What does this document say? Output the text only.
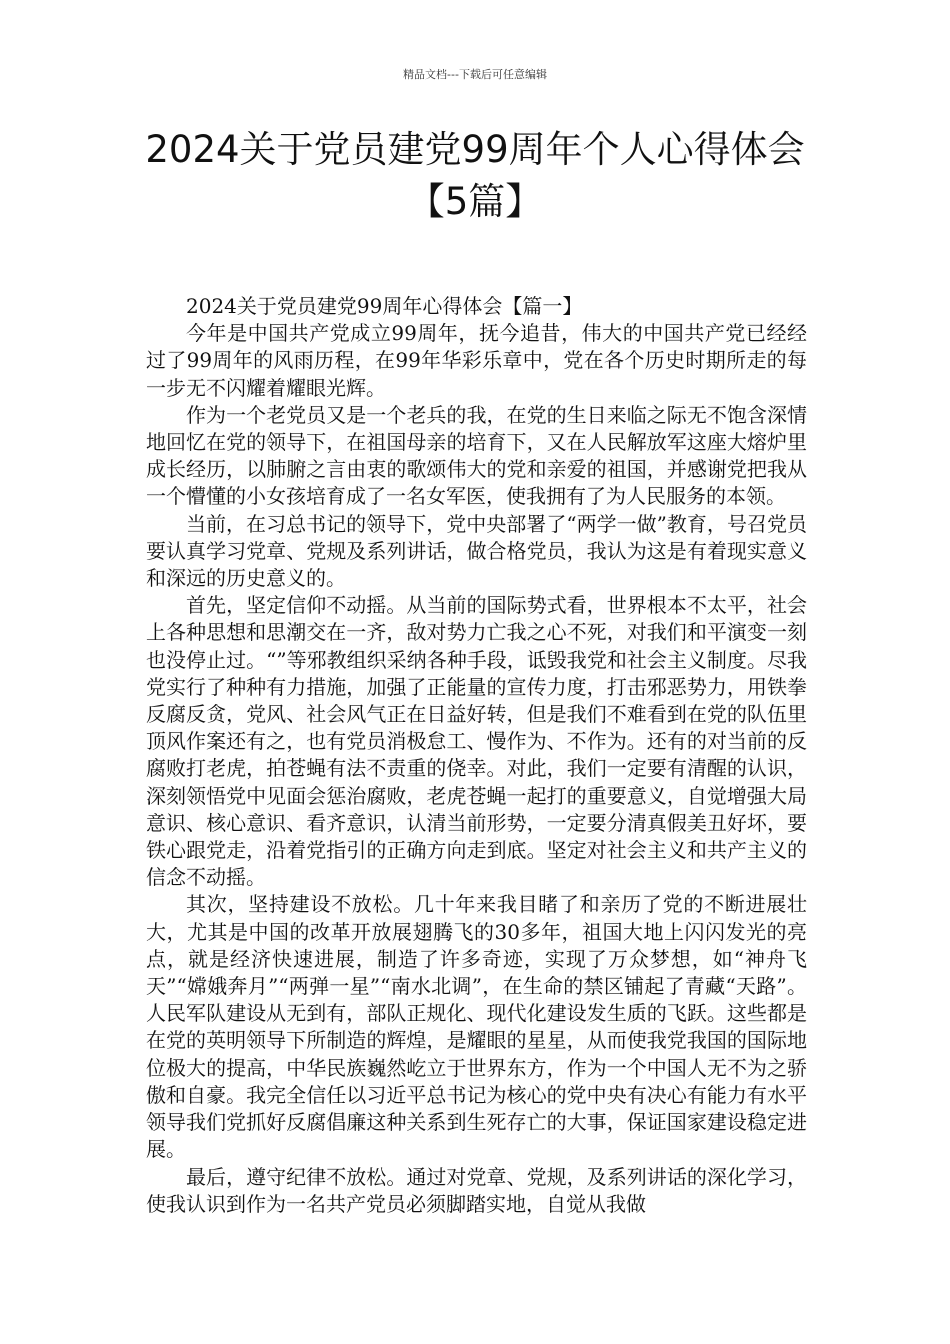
精品文档---下载后可任意编辑
2024关于党员建党99周年个人心得体会【5篇】

2024关于党员建党99周年心得体会【篇一】

今年是中国共产党成立99周年，抚今追昔，伟大的中国共产党已经经过了99周年的风雨历程，在99年华彩乐章中，党在各个历史时期所走的每一步无不闪耀着耀眼光辉。

作为一个老党员又是一个老兵的我，在党的生日来临之际无不饱含深情地回忆在党的领导下，在祖国母亲的培育下，又在人民解放军这座大熔炉里成长经历，以肺腑之言由衷的歌颂伟大的党和亲爱的祖国，并感谢党把我从一个懵懂的小女孩培育成了一名女军医，使我拥有了为人民服务的本领。

当前，在习总书记的领导下，党中央部署了“两学一做”教育，号召党员要认真学习党章、党规及系列讲话，做合格党员，我认为这是有着现实意义和深远的历史意义的。

首先，坚定信仰不动摇。从当前的国际势式看，世界根本不太平，社会上各种思想和思潮交在一齐，敌对势力亡我之心不死，对我们和平演变一刻也没停止过。“”等邪教组织采纳各种手段，诋毁我党和社会主义制度。尽我党实行了种种有力措施，加强了正能量的宣传力度，打击邪恶势力，用铁拳反腐反贪，党风、社会风气正在日益好转，但是我们不难看到在党的队伍里顶风作案还有之，也有党员消极怠工、慢作为、不作为。还有的对当前的反腐败打老虎，拍苍蝇有法不责重的侥幸。对此，我们一定要有清醒的认识，深刻领悟党中见面会惩治腐败，老虎苍蝇一起打的重要意义，自觉增强大局意识、核心意识、看齐意识，认清当前形势，一定要分清真假美丑好坏，要铁心跟党走，沿着党指引的正确方向走到底。坚定对社会主义和共产主义的信念不动摇。

其次，坚持建设不放松。几十年来我目睹了和亲历了党的不断进展壮大，尤其是中国的改革开放展翅腾飞的30多年，祖国大地上闪闪发光的亮点，就是经济快速进展，制造了许多奇迹，实现了万众梦想，如“神舟飞天”“嫦娥奔月”“两弹一星”“南水北调”，在生命的禁区铺起了青藏“天路”。人民军队建设从无到有，部队正规化、现代化建设发生质的飞跃。这些都是在党的英明领导下所制造的辉煌，是耀眼的星星，从而使我党我国的国际地位极大的提高，中华民族巍然屹立于世界东方，作为一个中国人无不为之骄傲和自豪。我完全信任以习近平总书记为核心的党中央有决心有能力有水平领导我们党抓好反腐倡廉这种关系到生死存亡的大事，保证国家建设稳定进展。

最后，遵守纪律不放松。通过对党章、党规，及系列讲话的深化学习，使我认识到作为一名共产党员必须脚踏实地，自觉从我做
